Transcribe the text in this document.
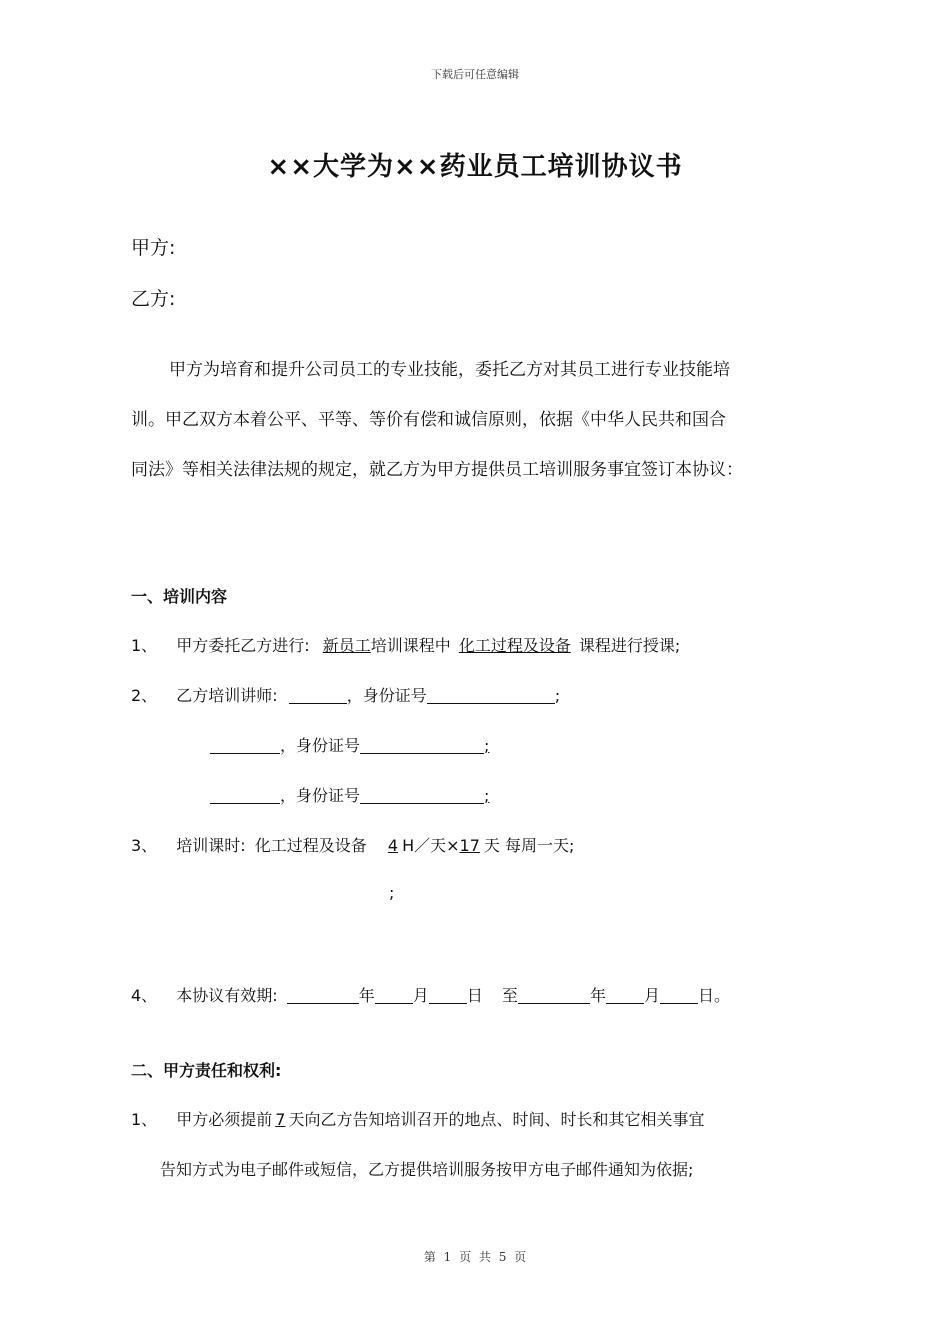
下载后可任意编辑
××大学为××药业员工培训协议书
甲方:
乙方:
甲方为培育和提升公司员工的专业技能，委托乙方对其员工进行专业技能培
训。甲乙双方本着公平、平等、等价有偿和诚信原则，依据《中华人民共和国合
同法》等相关法律法规的规定，就乙方为甲方提供员工培训服务事宜签订本协议：
一、培训内容
1、 甲方委托乙方进行: 新员工培训课程中 化工过程及设备 课程进行授课;
2、 乙方培训讲师:	，身份证号	;
，身份证号	;
，身份证号	;
3、 培训课时: 化工过程及设备 4 H／天×17 天 每周一天;
;
4、 本协议有效期:	年 月 日 至	年 月 日。
二、甲方责任和权利:
1、 甲方必须提前 7 天向乙方告知培训召开的地点、时间、时长和其它相关事宜
告知方式为电子邮件或短信，乙方提供培训服务按甲方电子邮件通知为依据;
第 1 页 共 5 页
